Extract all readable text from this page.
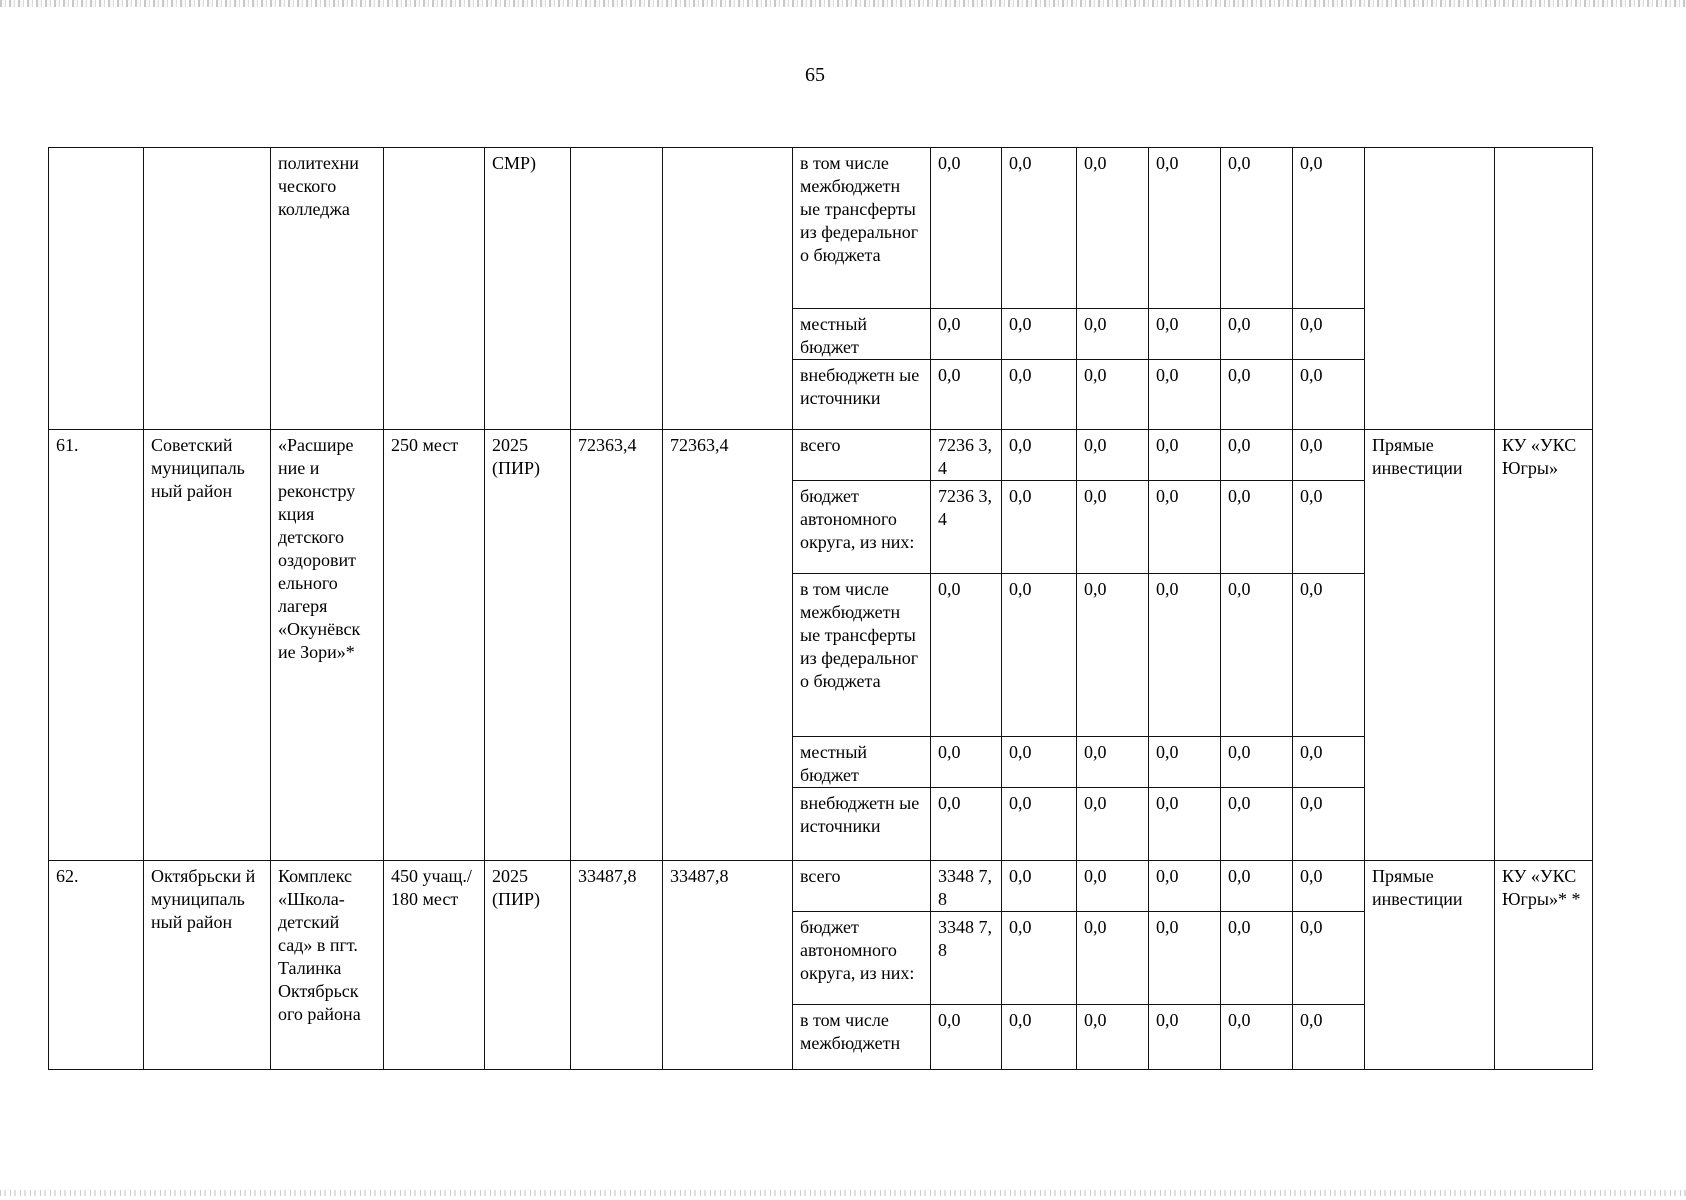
65
		политехни ческого колледжа		СМР)			в том числе межбюджетн ые трансферты из федеральног о бюджета	0,0	0,0	0,0	0,0	0,0	0,0		
							местный бюджет	0,0	0,0	0,0	0,0	0,0	0,0		
							внебюджетн ые источники	0,0	0,0	0,0	0,0	0,0	0,0		
61.	Советский муниципаль ный район	«Расшире ние и реконстру кция детского оздоровит ельного лагеря «Окунёвск ие Зори»*	250 мест	2025 (ПИР)	72363,4	72363,4	всего	7236 3,4	0,0	0,0	0,0	0,0	0,0	Прямые инвестиции	КУ «УКС Югры»
							бюджет автономного округа, из них:	7236 3,4	0,0	0,0	0,0	0,0	0,0		
							в том числе межбюджетн ые трансферты из федеральног о бюджета	0,0	0,0	0,0	0,0	0,0	0,0		
							местный бюджет	0,0	0,0	0,0	0,0	0,0	0,0		
							внебюджетн ые источники	0,0	0,0	0,0	0,0	0,0	0,0		
62.	Октябрьски й муниципаль ный район	Комплекс «Школа- детский сад» в пгт. Талинка Октябрьск ого района	450 учащ./ 180 мест	2025 (ПИР)	33487,8	33487,8	всего	3348 7,8	0,0	0,0	0,0	0,0	0,0	Прямые инвестиции	КУ «УКС Югры»* *
							бюджет автономного округа, из них:	3348 7,8	0,0	0,0	0,0	0,0	0,0		
							в том числе межбюджетн	0,0	0,0	0,0	0,0	0,0	0,0		
